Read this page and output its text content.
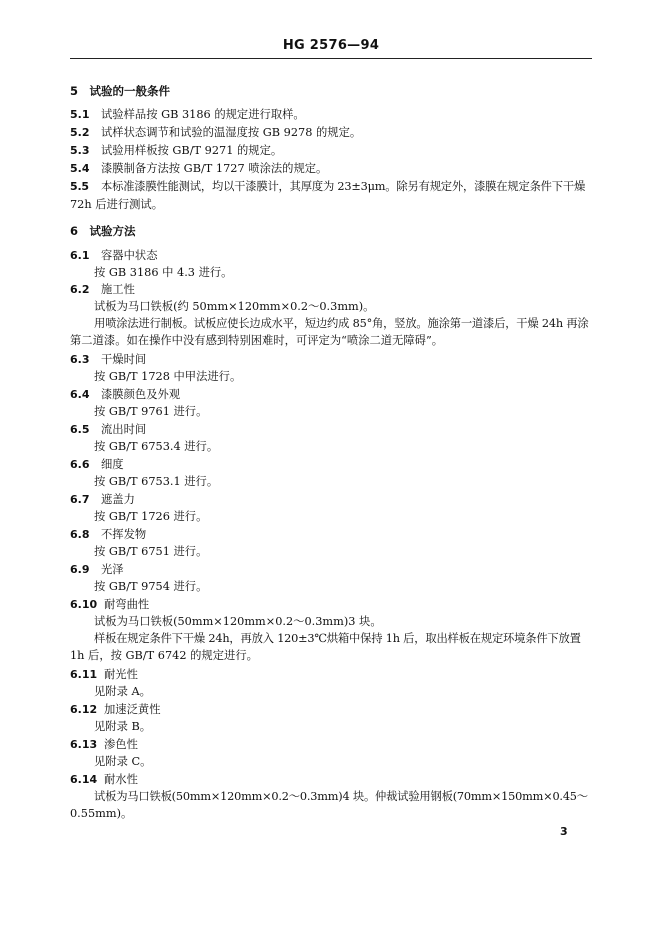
HG 2576—94
5　试验的一般条件
5.1 试验样品按 GB 3186 的规定进行取样。
5.2 试样状态调节和试验的温湿度按 GB 9278 的规定。
5.3 试验用样板按 GB/T 9271 的规定。
5.4 漆膜制备方法按 GB/T 1727 喷涂法的规定。
5.5 本标准漆膜性能测试，均以干漆膜计，其厚度为 23±3μm。除另有规定外，漆膜在规定条件下干燥
72h 后进行测试。
6　试验方法
6.1 容器中状态
按 GB 3186 中 4.3 进行。
6.2 施工性
试板为马口铁板(约 50mm×120mm×0.2～0.3mm)。
用喷涂法进行制板。试板应使长边成水平，短边约成 85°角，竖放。施涂第一道漆后，干燥 24h 再涂
第二道漆。如在操作中没有感到特别困难时，可评定为“喷涂二道无障碍”。
6.3 干燥时间
按 GB/T 1728 中甲法进行。
6.4 漆膜颜色及外观
按 GB/T 9761 进行。
6.5 流出时间
按 GB/T 6753.4 进行。
6.6 细度
按 GB/T 6753.1 进行。
6.7 遮盖力
按 GB/T 1726 进行。
6.8 不挥发物
按 GB/T 6751 进行。
6.9 光泽
按 GB/T 9754 进行。
6.10 耐弯曲性
试板为马口铁板(50mm×120mm×0.2～0.3mm)3 块。
样板在规定条件下干燥 24h，再放入 120±3℃烘箱中保持 1h 后，取出样板在规定环境条件下放置
1h 后，按 GB/T 6742 的规定进行。
6.11 耐光性
见附录 A。
6.12 加速泛黄性
见附录 B。
6.13 渗色性
见附录 C。
6.14 耐水性
试板为马口铁板(50mm×120mm×0.2～0.3mm)4 块。仲裁试验用钢板(70mm×150mm×0.45～
0.55mm)。
3
